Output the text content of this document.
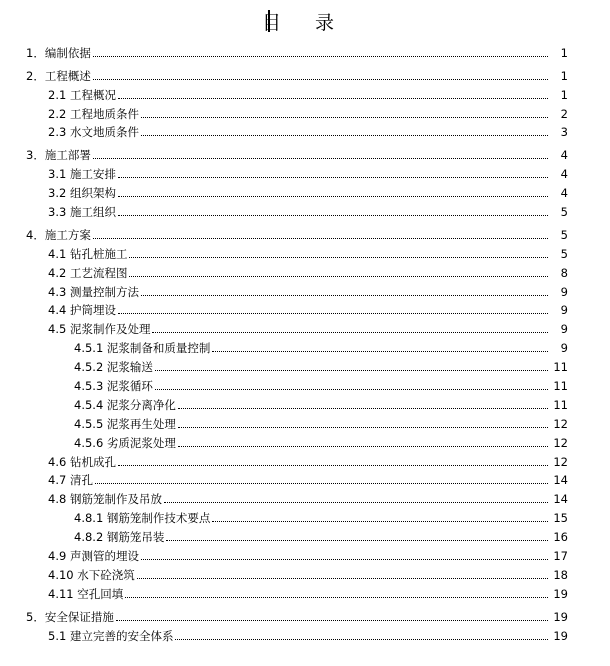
目 录
1．编制依据	1
2．工程概述	1
2.1 工程概况	1
2.2 工程地质条件	2
2.3 水文地质条件	3
3．施工部署	4
3.1 施工安排	4
3.2 组织架构	4
3.3 施工组织	5
4．施工方案	5
4.1 钻孔桩施工	5
4.2 工艺流程图	8
4.3 测量控制方法	9
4.4 护筒埋设	9
4.5 泥浆制作及处理	9
4.5.1 泥浆制备和质量控制	9
4.5.2 泥浆输送	11
4.5.3 泥浆循环	11
4.5.4 泥浆分离净化	11
4.5.5 泥浆再生处理	12
4.5.6 劣质泥浆处理	12
4.6 钻机成孔	12
4.7 清孔	14
4.8 钢筋笼制作及吊放	14
4.8.1 钢筋笼制作技术要点	15
4.8.2 钢筋笼吊装	16
4.9 声测管的埋设	17
4.10 水下砼浇筑	18
4.11 空孔回填	19
5．安全保证措施	19
5.1 建立完善的安全体系	19
